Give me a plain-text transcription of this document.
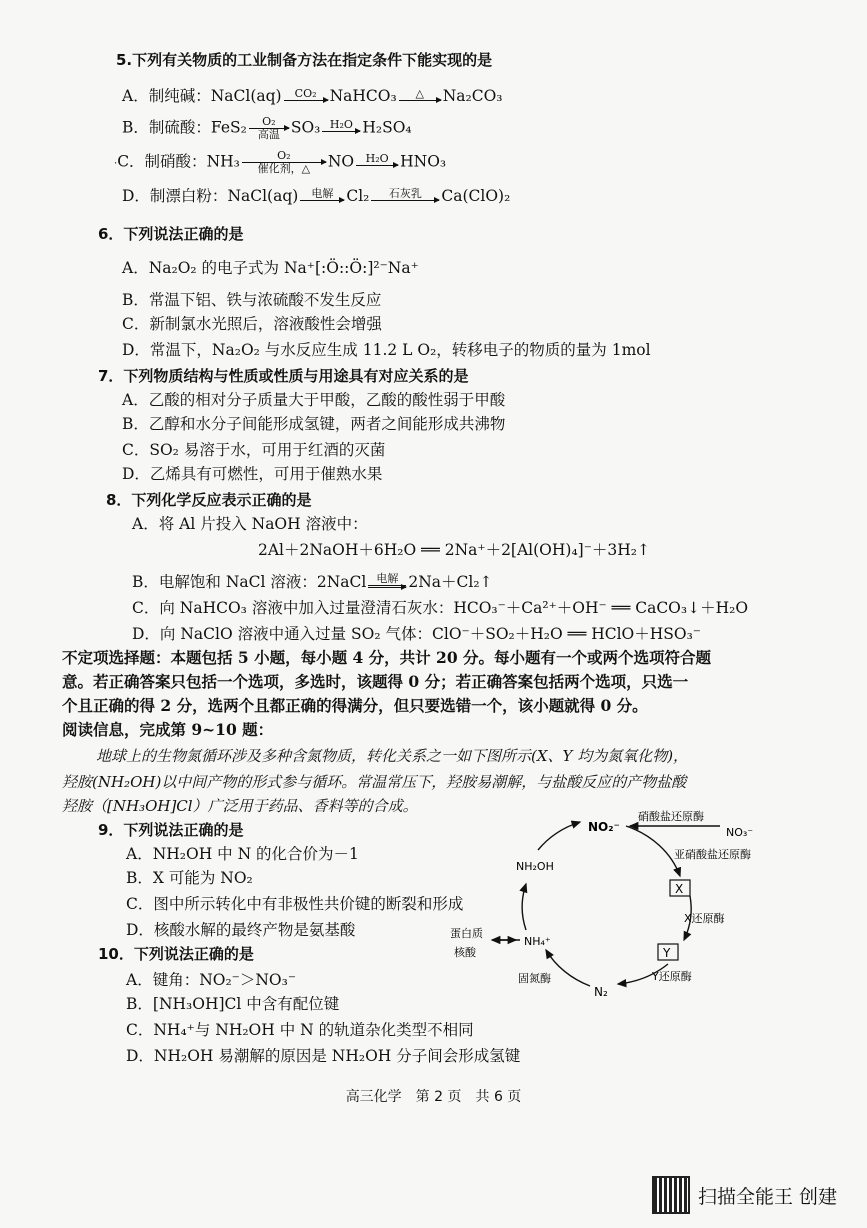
5.下列有关物质的工业制备方法在指定条件下能实现的是
A．制纯碱：NaCl(aq)	CO₂ NaHCO₃	△	Na₂CO₃
B．制硫酸：FeS₂	O₂
高温 SO₃ H₂O H₂SO₄
·C．制硝酸：NH₃	O₂
催化剂，△	NO	H₂O HNO₃
D．制漂白粉：NaCl(aq)	电解 Cl₂	石灰乳	Ca(ClO)₂
6．下列说法正确的是
A．Na₂O₂ 的电子式为 Na⁺[:Ö::Ö:]²⁻Na⁺
B．常温下铝、铁与浓硫酸不发生反应
C．新制氯水光照后，溶液酸性会增强
D．常温下，Na₂O₂ 与水反应生成 11.2 L O₂，转移电子的物质的量为 1mol
7．下列物质结构与性质或性质与用途具有对应关系的是
A．乙酸的相对分子质量大于甲酸，乙酸的酸性弱于甲酸
B．乙醇和水分子间能形成氢键，两者之间能形成共沸物
C．SO₂ 易溶于水，可用于红酒的灭菌
D．乙烯具有可燃性，可用于催熟水果
8．下列化学反应表示正确的是
A．将 Al 片投入 NaOH 溶液中：
2Al＋2NaOH＋6H₂O ══ 2Na⁺＋2[Al(OH)₄]⁻＋3H₂↑
B．电解饱和 NaCl 溶液：2NaCl 电解 2Na＋Cl₂↑
C．向 NaHCO₃ 溶液中加入过量澄清石灰水：HCO₃⁻＋Ca²⁺＋OH⁻ ══ CaCO₃↓＋H₂O
D．向 NaClO 溶液中通入过量 SO₂ 气体：ClO⁻＋SO₂＋H₂O ══ HClO＋HSO₃⁻
不定项选择题：本题包括 5 小题，每小题 4 分，共计 20 分。每小题有一个或两个选项符合题
意。若正确答案只包括一个选项，多选时，该题得 0 分；若正确答案包括两个选项，只选一
个且正确的得 2 分，选两个且都正确的得满分，但只要选错一个，该小题就得 0 分。
阅读信息，完成第 9~10 题：
地球上的生物氮循环涉及多种含氮物质，转化关系之一如下图所示(X、Y 均为氮氧化物)，
羟胺(NH₂OH)以中间产物的形式参与循环。常温常压下，羟胺易潮解，与盐酸反应的产物盐酸
羟胺（[NH₃OH]Cl）广泛用于药品、香料等的合成。
9．下列说法正确的是
A．NH₂OH 中 N 的化合价为－1
B．X 可能为 NO₂
C．图中所示转化中有非极性共价键的断裂和形成
D．核酸水解的最终产物是氨基酸
10．下列说法正确的是
A．键角：NO₂⁻＞NO₃⁻
B．[NH₃OH]Cl 中含有配位键
C．NH₄⁺与 NH₂OH 中 N 的轨道杂化类型不相同
D．NH₂OH 易潮解的原因是 NH₂OH 分子间会形成氢键
NO₂⁻	NO₃⁻
硝酸盐还原酶
亚硝酸盐还原酶
X
X还原酶
Y
Y还原酶
N₂
固氮酶
NH₄⁺
NH₂OH
蛋白质
核酸
高三化学　第 2 页　共 6 页
扫描全能王 创建
